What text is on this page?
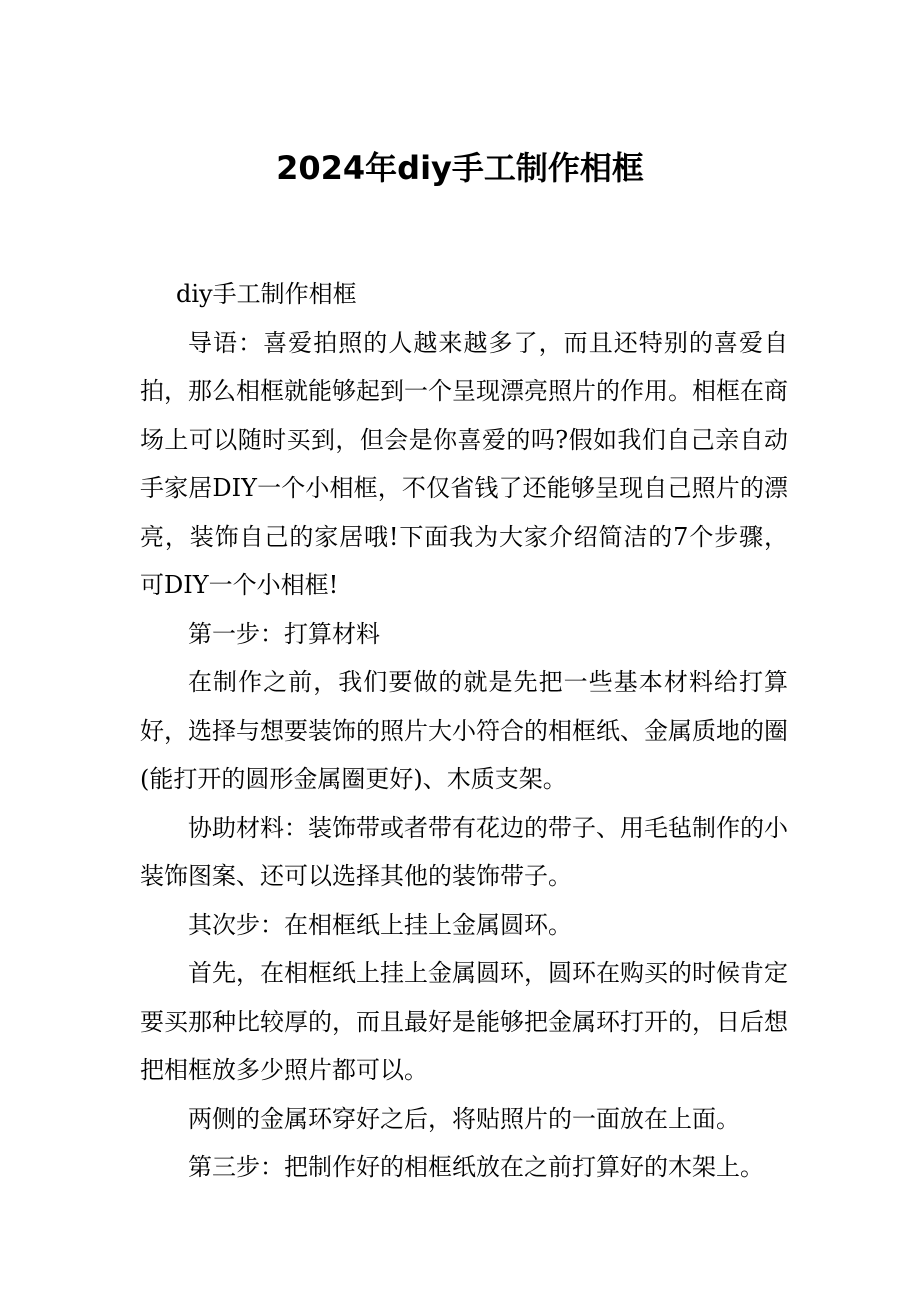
2024年diy手工制作相框

diy手工制作相框

导语：喜爱拍照的人越来越多了，而且还特别的喜爱自拍，那么相框就能够起到一个呈现漂亮照片的作用。相框在商场上可以随时买到，但会是你喜爱的吗?假如我们自己亲自动手家居DIY一个小相框，不仅省钱了还能够呈现自己照片的漂亮，装饰自己的家居哦!下面我为大家介绍简洁的7个步骤，可DIY一个小相框!

第一步：打算材料

在制作之前，我们要做的就是先把一些基本材料给打算好，选择与想要装饰的照片大小符合的相框纸、金属质地的圈(能打开的圆形金属圈更好)、木质支架。

协助材料：装饰带或者带有花边的带子、用毛毡制作的小装饰图案、还可以选择其他的装饰带子。

其次步：在相框纸上挂上金属圆环。

首先，在相框纸上挂上金属圆环，圆环在购买的时候肯定要买那种比较厚的，而且最好是能够把金属环打开的，日后想把相框放多少照片都可以。

两侧的金属环穿好之后，将贴照片的一面放在上面。

第三步：把制作好的相框纸放在之前打算好的木架上。
